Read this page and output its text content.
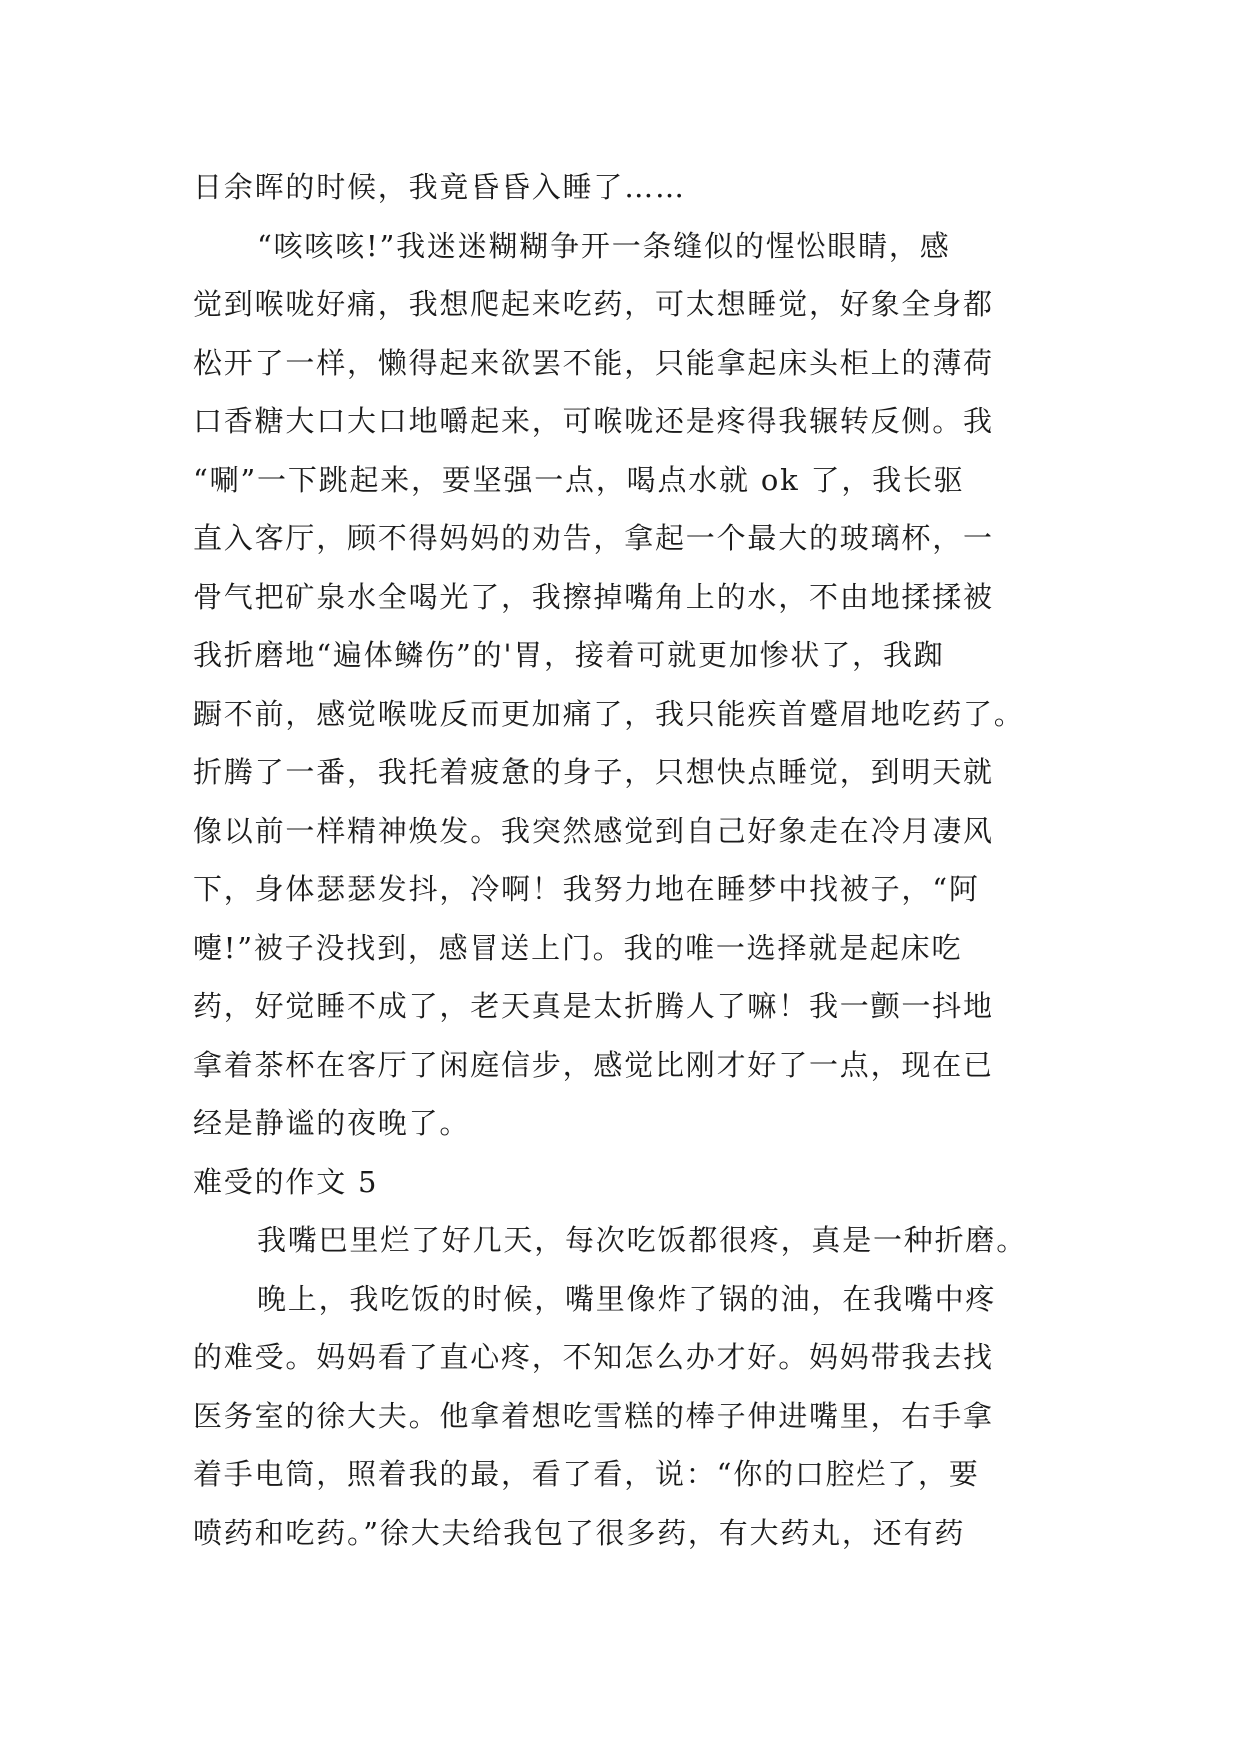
日余晖的时候，我竟昏昏入睡了……
“咳咳咳!”我迷迷糊糊争开一条缝似的惺忪眼睛，感
觉到喉咙好痛，我想爬起来吃药，可太想睡觉，好象全身都
松开了一样，懒得起来欲罢不能，只能拿起床头柜上的薄荷
口香糖大口大口地嚼起来，可喉咙还是疼得我辗转反侧。我
“唰”一下跳起来，要坚强一点，喝点水就 ok 了，我长驱
直入客厅，顾不得妈妈的劝告，拿起一个最大的玻璃杯，一
骨气把矿泉水全喝光了，我擦掉嘴角上的水，不由地揉揉被
我折磨地“遍体鳞伤”的'胃，接着可就更加惨状了，我踟
蹰不前，感觉喉咙反而更加痛了，我只能疾首蹙眉地吃药了。
折腾了一番，我托着疲惫的身子，只想快点睡觉，到明天就
像以前一样精神焕发。我突然感觉到自己好象走在冷月凄风
下，身体瑟瑟发抖，冷啊！我努力地在睡梦中找被子，“阿
嚏!”被子没找到，感冒送上门。我的唯一选择就是起床吃
药，好觉睡不成了，老天真是太折腾人了嘛！我一颤一抖地
拿着茶杯在客厅了闲庭信步，感觉比刚才好了一点，现在已
经是静谧的夜晚了。
难受的作文 5
我嘴巴里烂了好几天，每次吃饭都很疼，真是一种折磨。
晚上，我吃饭的时候，嘴里像炸了锅的油，在我嘴中疼
的难受。妈妈看了直心疼，不知怎么办才好。妈妈带我去找
医务室的徐大夫。他拿着想吃雪糕的棒子伸进嘴里，右手拿
着手电筒，照着我的最，看了看，说：“你的口腔烂了，要
喷药和吃药。”徐大夫给我包了很多药，有大药丸，还有药
